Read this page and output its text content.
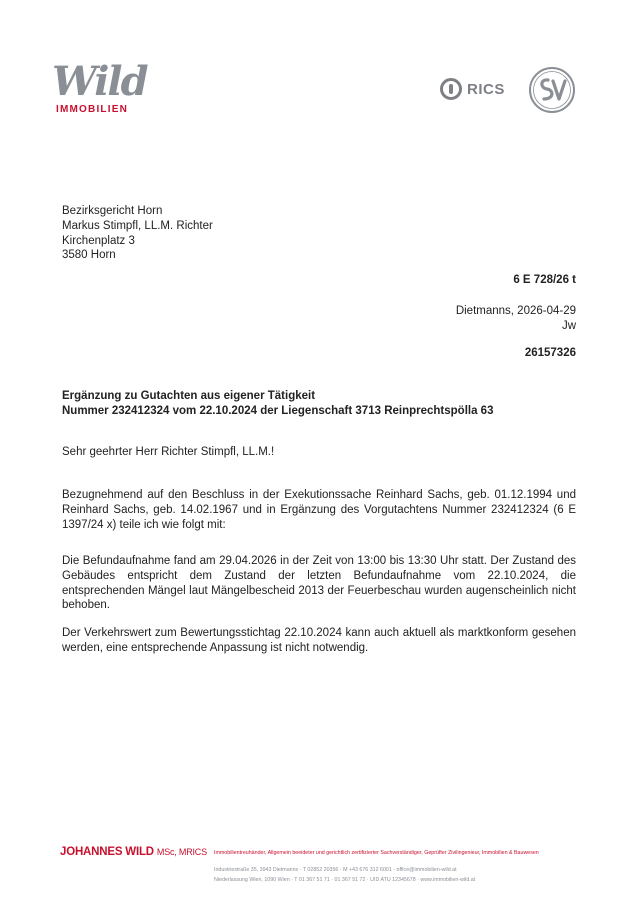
Wild
IMMOBILIEN
RICS
Bezirksgericht Horn
Markus Stimpfl, LL.M. Richter
Kirchenplatz 3
3580 Horn
6 E 728/26 t
Dietmanns, 2026-04-29
Jw
26157326
Ergänzung zu Gutachten aus eigener Tätigkeit
Nummer 232412324 vom 22.10.2024 der Liegenschaft 3713 Reinprechtspölla 63
Sehr geehrter Herr Richter Stimpfl, LL.M.!
Bezugnehmend auf den Beschluss in der Exekutionssache Reinhard Sachs, geb. 01.12.1994 und Reinhard Sachs, geb. 14.02.1967 und in Ergänzung des Vorgutachtens Nummer 232412324 (6 E 1397/24 x) teile ich wie folgt mit:
Die Befundaufnahme fand am 29.04.2026 in der Zeit von 13:00 bis 13:30 Uhr statt. Der Zustand des Gebäudes entspricht dem Zustand der letzten Befundaufnahme vom 22.10.2024, die entsprechenden Mängel laut Mängelbescheid 2013 der Feuerbeschau wurden augenscheinlich nicht behoben.
Der Verkehrswert zum Bewertungsstichtag 22.10.2024 kann auch aktuell als marktkonform gesehen werden, eine entsprechende Anpassung ist nicht notwendig.
JOHANNES WILD MSc, MRICS Immobilientreuhänder, Allgemein beeideter und gerichtlich zertifizierter Sachverständiger, Geprüfter Zivilingenieur, Immobilien & Bauwesen
Industriestraße 35, 3943 Dietmanns · T 02852 20356 · M +43 676 312 6001 · office@immobilien-wild.at
Niederlassung Wien, 1090 Wien · T 01 367 51 71 · 01 367 51 72 · UID ATU 12345678 · www.immobilien-wild.at
